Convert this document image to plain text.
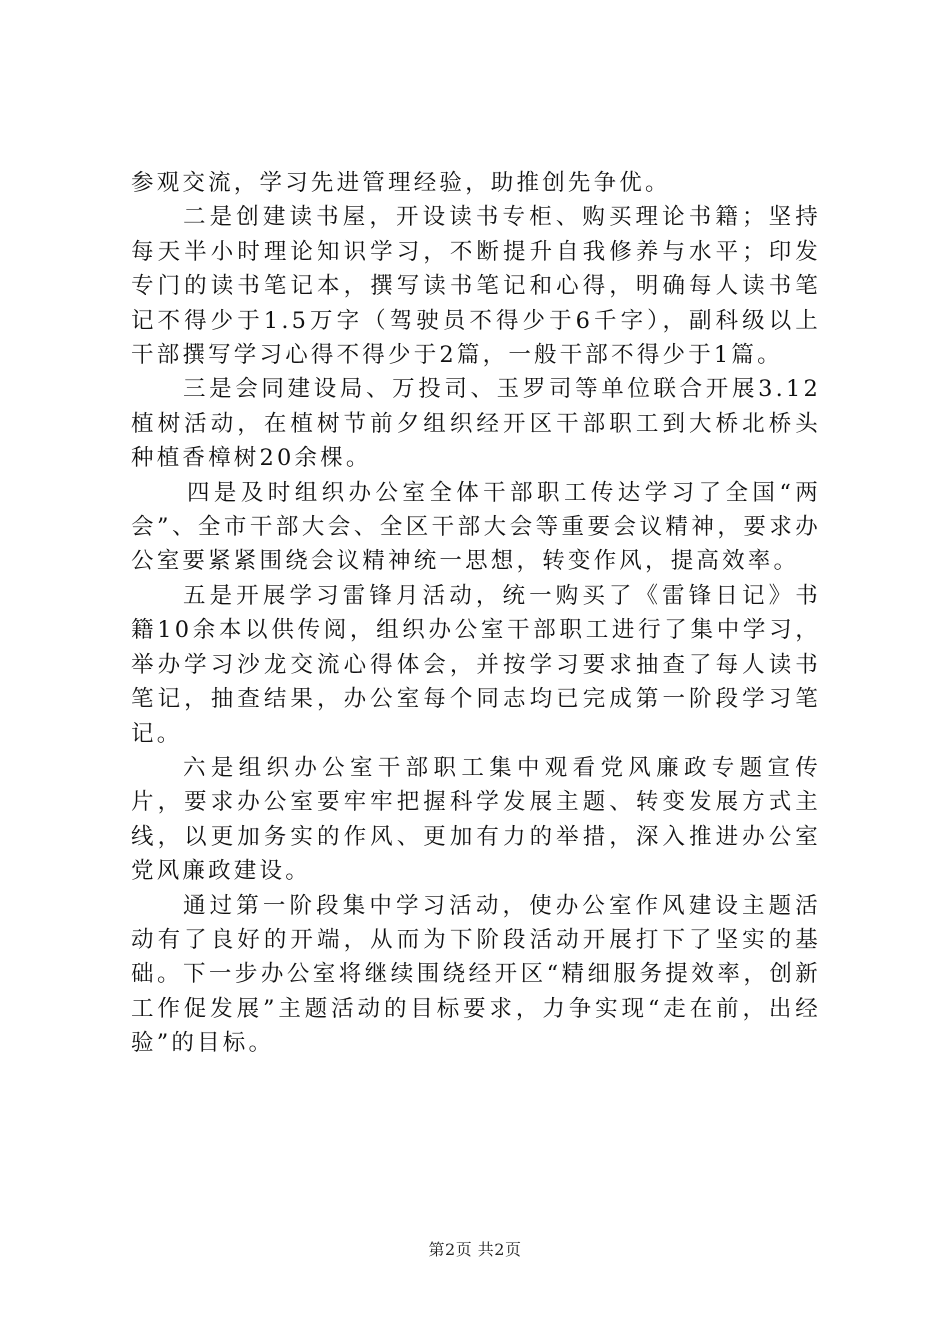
参观交流，学习先进管理经验，助推创先争优。

二是创建读书屋，开设读书专柜、购买理论书籍；坚持每天半小时理论知识学习，不断提升自我修养与水平；印发专门的读书笔记本，撰写读书笔记和心得，明确每人读书笔记不得少于1.5万字（驾驶员不得少于6千字），副科级以上干部撰写学习心得不得少于2篇，一般干部不得少于1篇。

三是会同建设局、万投司、玉罗司等单位联合开展3.12植树活动，在植树节前夕组织经开区干部职工到大桥北桥头种植香樟树20余棵。

四是及时组织办公室全体干部职工传达学习了全国“两会”、全市干部大会、全区干部大会等重要会议精神，要求办公室要紧紧围绕会议精神统一思想，转变作风，提高效率。

五是开展学习雷锋月活动，统一购买了《雷锋日记》书籍10余本以供传阅，组织办公室干部职工进行了集中学习，举办学习沙龙交流心得体会，并按学习要求抽查了每人读书笔记，抽查结果，办公室每个同志均已完成第一阶段学习笔记。

六是组织办公室干部职工集中观看党风廉政专题宣传片，要求办公室要牢牢把握科学发展主题、转变发展方式主线，以更加务实的作风、更加有力的举措，深入推进办公室党风廉政建设。

通过第一阶段集中学习活动，使办公室作风建设主题活动有了良好的开端，从而为下阶段活动开展打下了坚实的基础。下一步办公室将继续围绕经开区“精细服务提效率，创新工作促发展”主题活动的目标要求，力争实现“走在前，出经验”的目标。

第2页 共2页
